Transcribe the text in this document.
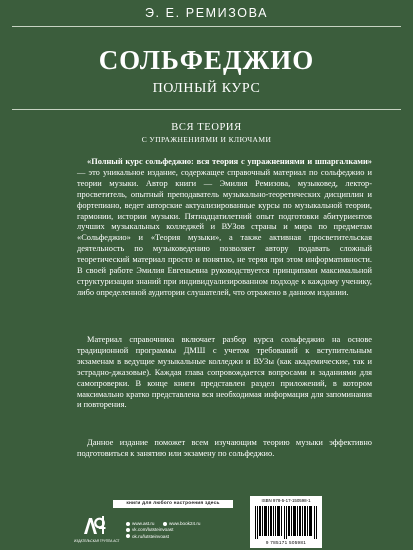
Э. Е. РЕМИЗОВА
СОЛЬФЕДЖИО
ПОЛНЫЙ КУРС
ВСЯ ТЕОРИЯ
С УПРАЖНЕНИЯМИ И КЛЮЧАМИ

«Полный курс сольфеджио: вся теория с упражнениями и шпаргалками» — это уникальное издание, содержащее справочный материал по сольфеджио и теории музыки. Автор книги — Эмилия Ремизова, музыковед, лектор-просветитель, опытный преподаватель музыкально-теоретических дисциплин и фортепиано, ведет авторские актуализированные курсы по музыкальной теории, гармонии, истории музыки. Пятнадцатилетний опыт подготовки абитуриентов лучших музыкальных колледжей и ВУЗов страны и мира по предметам «Сольфеджио» и «Теория музыки», а также активная просветительская деятельность по музыковедению позволяет автору подавать сложный теоретический материал просто и понятно, не теряя при этом информативности. В своей работе Эмилия Евгеньевна руководствуется принципами максимальной структуризации знаний при индивидуализированном подходе к каждому ученику, либо определенной аудитории слушателей, что отражено в данном издании.

Материал справочника включает разбор курса сольфеджио на основе традиционной программы ДМШ с учетом требований к вступительным экзаменам в ведущие музыкальные колледжи и ВУЗы (как академические, так и эстрадно-джазовые). Каждая глава сопровождается вопросами и заданиями для самопроверки. В конце книги представлен раздел приложений, в котором максимально кратко представлена вся необходимая информация для запоминания и повторения.

Данное издание поможет всем изучающим теорию музыки эффективно подготовиться к занятию или экзамену по сольфеджио.

книги для любого настроения здесь
ИЗДАТЕЛЬСКАЯ ГРУППА АСТ
www.ast.ru	www.book24.ru
vk.com/lutsteinvoast
ok.ru/lutsteinvoast
ISBN 978-5-17-150598-1
9 785171 505981
